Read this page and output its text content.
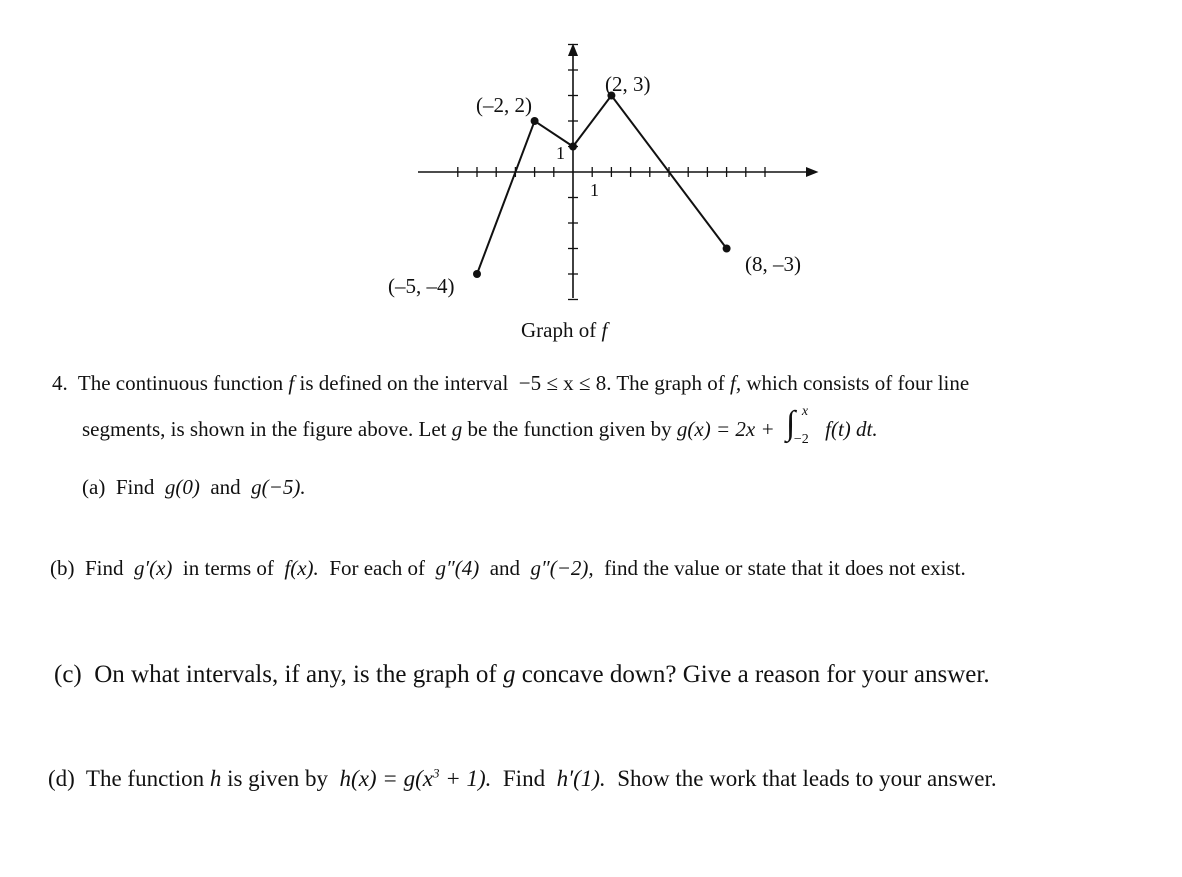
(–5, –4)
(–2, 2)
(2, 3)
(8, –3)
1
1
Graph of f
4. The continuous function f is defined on the interval −5 ≤ x ≤ 8. The graph of f, which consists of four line
segments, is shown in the figure above. Let g be the function given by g(x) = 2x + ∫ x
−2 f(t) dt.
(a) Find g(0) and g(−5).
(b) Find g′(x) in terms of f(x). For each of g″(4) and g″(−2), find the value or state that it does not exist.
(c) On what intervals, if any, is the graph of g concave down? Give a reason for your answer.
(d) The function h is given by $h(x) = g(x^3 + 1)$. Find h′(1). Show the work that leads to your answer.
